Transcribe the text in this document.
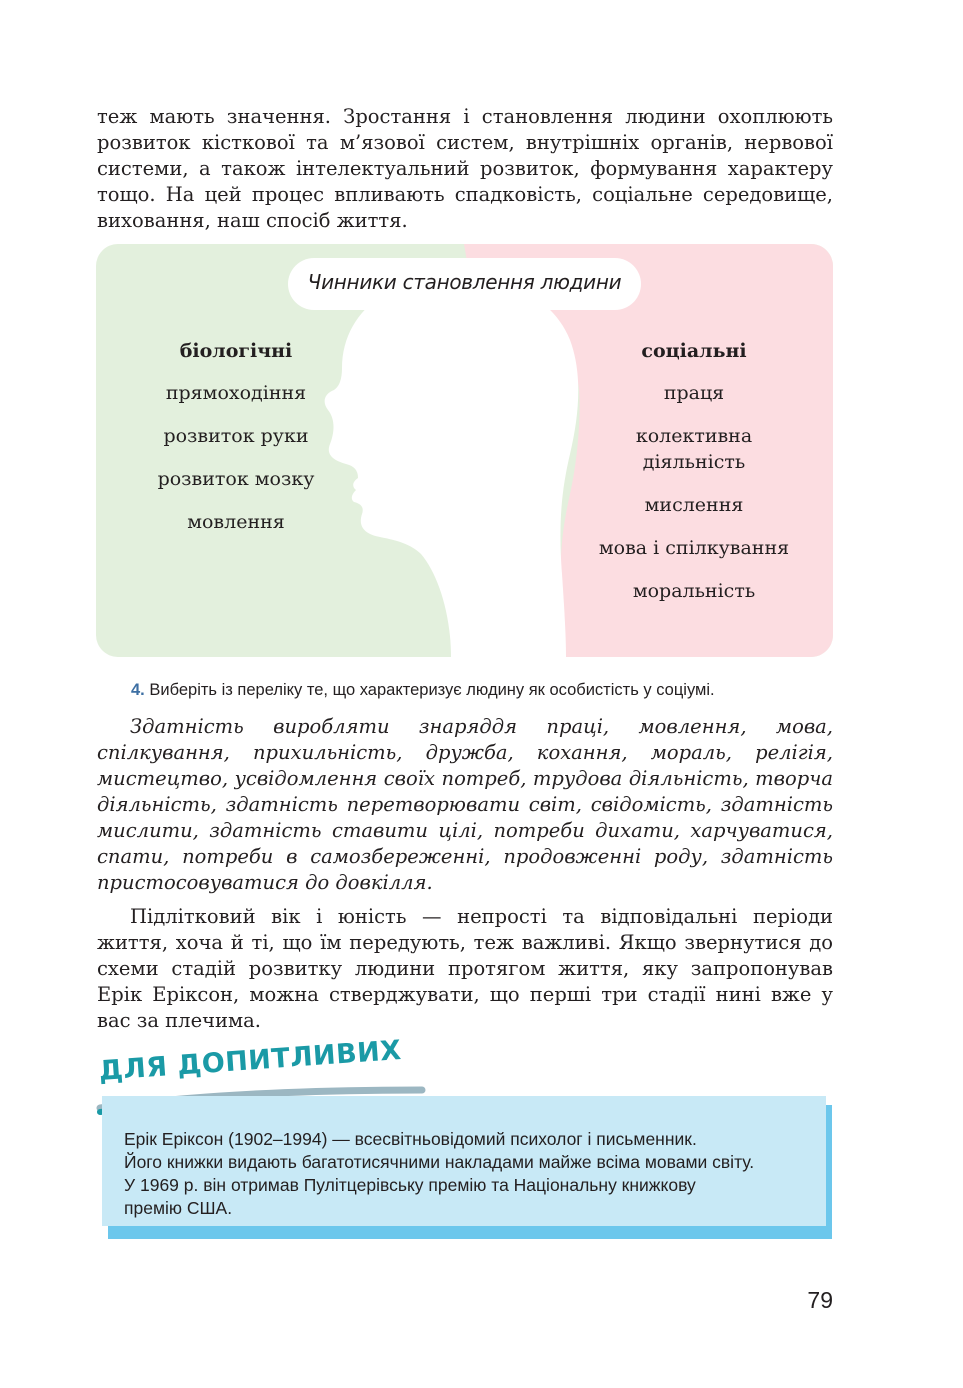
теж мають значення. Зростання і становлення людини охоплюють розвиток кісткової та м’язової систем, внутрішніх органів, нервової системи, а також інтелектуальний розвиток, формування характеру тощо. На цей процес впливають спадковість, соціальне середовище, виховання, наш спосіб життя.

Чинники становлення людини
біологічні
прямоходіння
розвиток руки
розвиток мозку
мовлення
соціальні
праця
колективна
діяльність
мислення
мова і спілкування
моральність
4. Виберіть із переліку те, що характеризує людину як особистість у соціумі.

Здатність виробляти знаряддя праці, мовлення, мова, спілкування, прихильність, дружба, кохання, мораль, релігія, мистецтво, усвідомлення своїх потреб, трудова діяльність, творча діяльність, здатність перетворювати світ, свідомість, здатність мислити, здатність ставити цілі, потреби дихати, харчуватися, спати, потреби в самозбереженні, продовженні роду, здатність пристосовуватися до довкілля.

Підлітковий вік і юність — непрості та відповідальні періоди життя, хоча й ті, що їм передують, теж важливі. Якщо звернутися до схеми стадій розвитку людини протягом життя, яку запропонував Ерік Еріксон, можна стверджувати, що перші три стадії нині вже у вас за плечима.

ДЛЯ ДОПИТЛИВИХ
Ерік Еріксон (1902–1994) — всесвітньовідомий психолог і письменник.
Його книжки видають багатотисячними накладами майже всіма мовами світу.
У 1969 р. він отримав Пулітцерівську премію та Національну книжкову
премію США.
79
